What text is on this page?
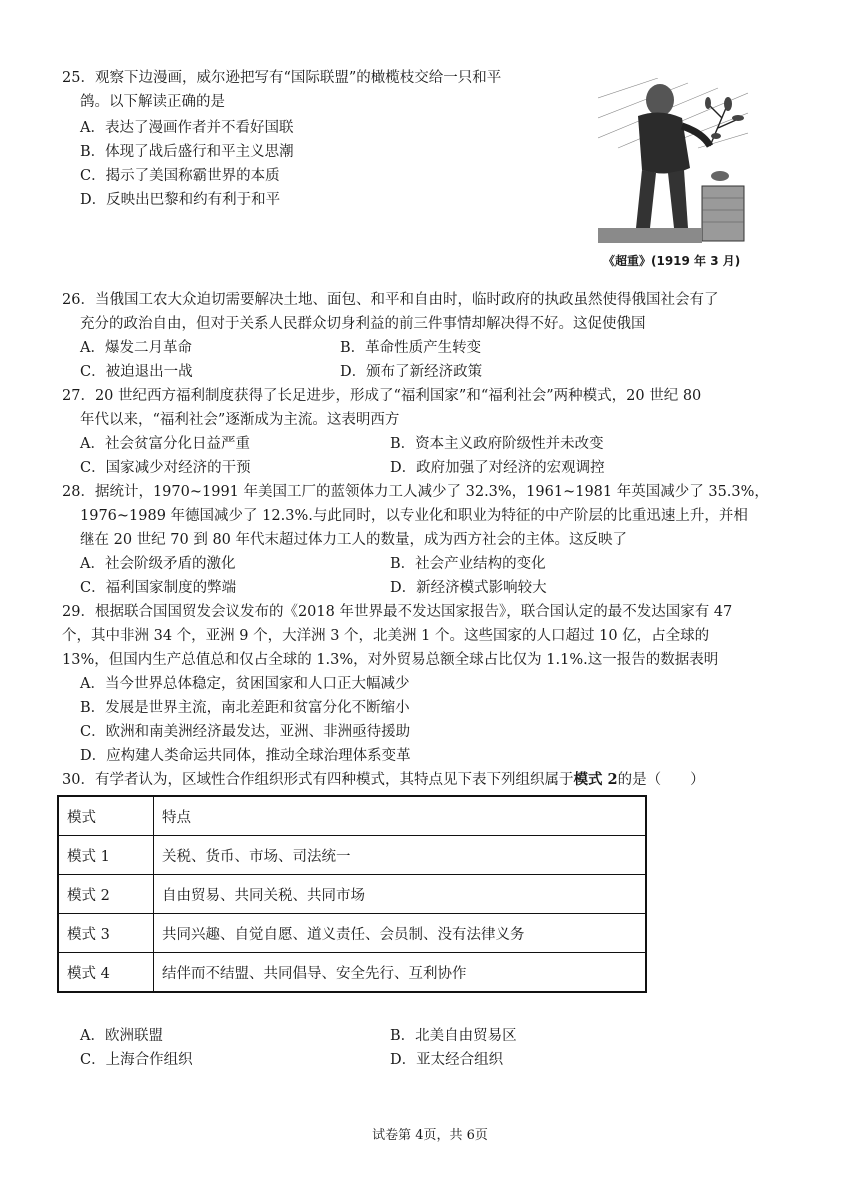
25．观察下边漫画，威尔逊把写有“国际联盟”的橄榄枝交给一只和平
鸽。以下解读正确的是
A．表达了漫画作者并不看好国联
B．体现了战后盛行和平主义思潮
C．揭示了美国称霸世界的本质
D．反映出巴黎和约有利于和平
《超重》(1919 年 3 月)
26．当俄国工农大众迫切需要解决土地、面包、和平和自由时，临时政府的执政虽然使得俄国社会有了
充分的政治自由，但对于关系人民群众切身利益的前三件事情却解决得不好。这促使俄国
A．爆发二月革命	B．革命性质产生转变
C．被迫退出一战	D．颁布了新经济政策
27．20 世纪西方福利制度获得了长足进步，形成了“福利国家”和“福利社会”两种模式，20 世纪 80
年代以来，“福利社会”逐渐成为主流。这表明西方
A．社会贫富分化日益严重	B．资本主义政府阶级性并未改变
C．国家减少对经济的干预	D．政府加强了对经济的宏观调控
28．据统计，1970~1991 年美国工厂的蓝领体力工人减少了 32.3%，1961~1981 年英国减少了 35.3%，
1976~1989 年德国减少了 12.3%.与此同时，以专业化和职业为特征的中产阶层的比重迅速上升，并相
继在 20 世纪 70 到 80 年代末超过体力工人的数量，成为西方社会的主体。这反映了
A．社会阶级矛盾的激化	B．社会产业结构的变化
C．福利国家制度的弊端	D．新经济模式影响较大
29．根据联合国国贸发会议发布的《2018 年世界最不发达国家报告》，联合国认定的最不发达国家有 47
个，其中非洲 34 个，亚洲 9 个，大洋洲 3 个，北美洲 1 个。这些国家的人口超过 10 亿，占全球的
13%，但国内生产总值总和仅占全球的 1.3%，对外贸易总额全球占比仅为 1.1%.这一报告的数据表明
A．当今世界总体稳定，贫困国家和人口正大幅减少
B．发展是世界主流，南北差距和贫富分化不断缩小
C．欧洲和南美洲经济最发达，亚洲、非洲亟待援助
D．应构建人类命运共同体，推动全球治理体系变革
30．有学者认为，区域性合作组织形式有四种模式，其特点见下表下列组织属于模式 2的是（　　）
模式	特点
模式 1	关税、货币、市场、司法统一
模式 2	自由贸易、共同关税、共同市场
模式 3	共同兴趣、自觉自愿、道义责任、会员制、没有法律义务
模式 4	结伴而不结盟、共同倡导、安全先行、互利协作
A．欧洲联盟	B．北美自由贸易区
C．上海合作组织	D．亚太经合组织
试卷第 4页，共 6页
